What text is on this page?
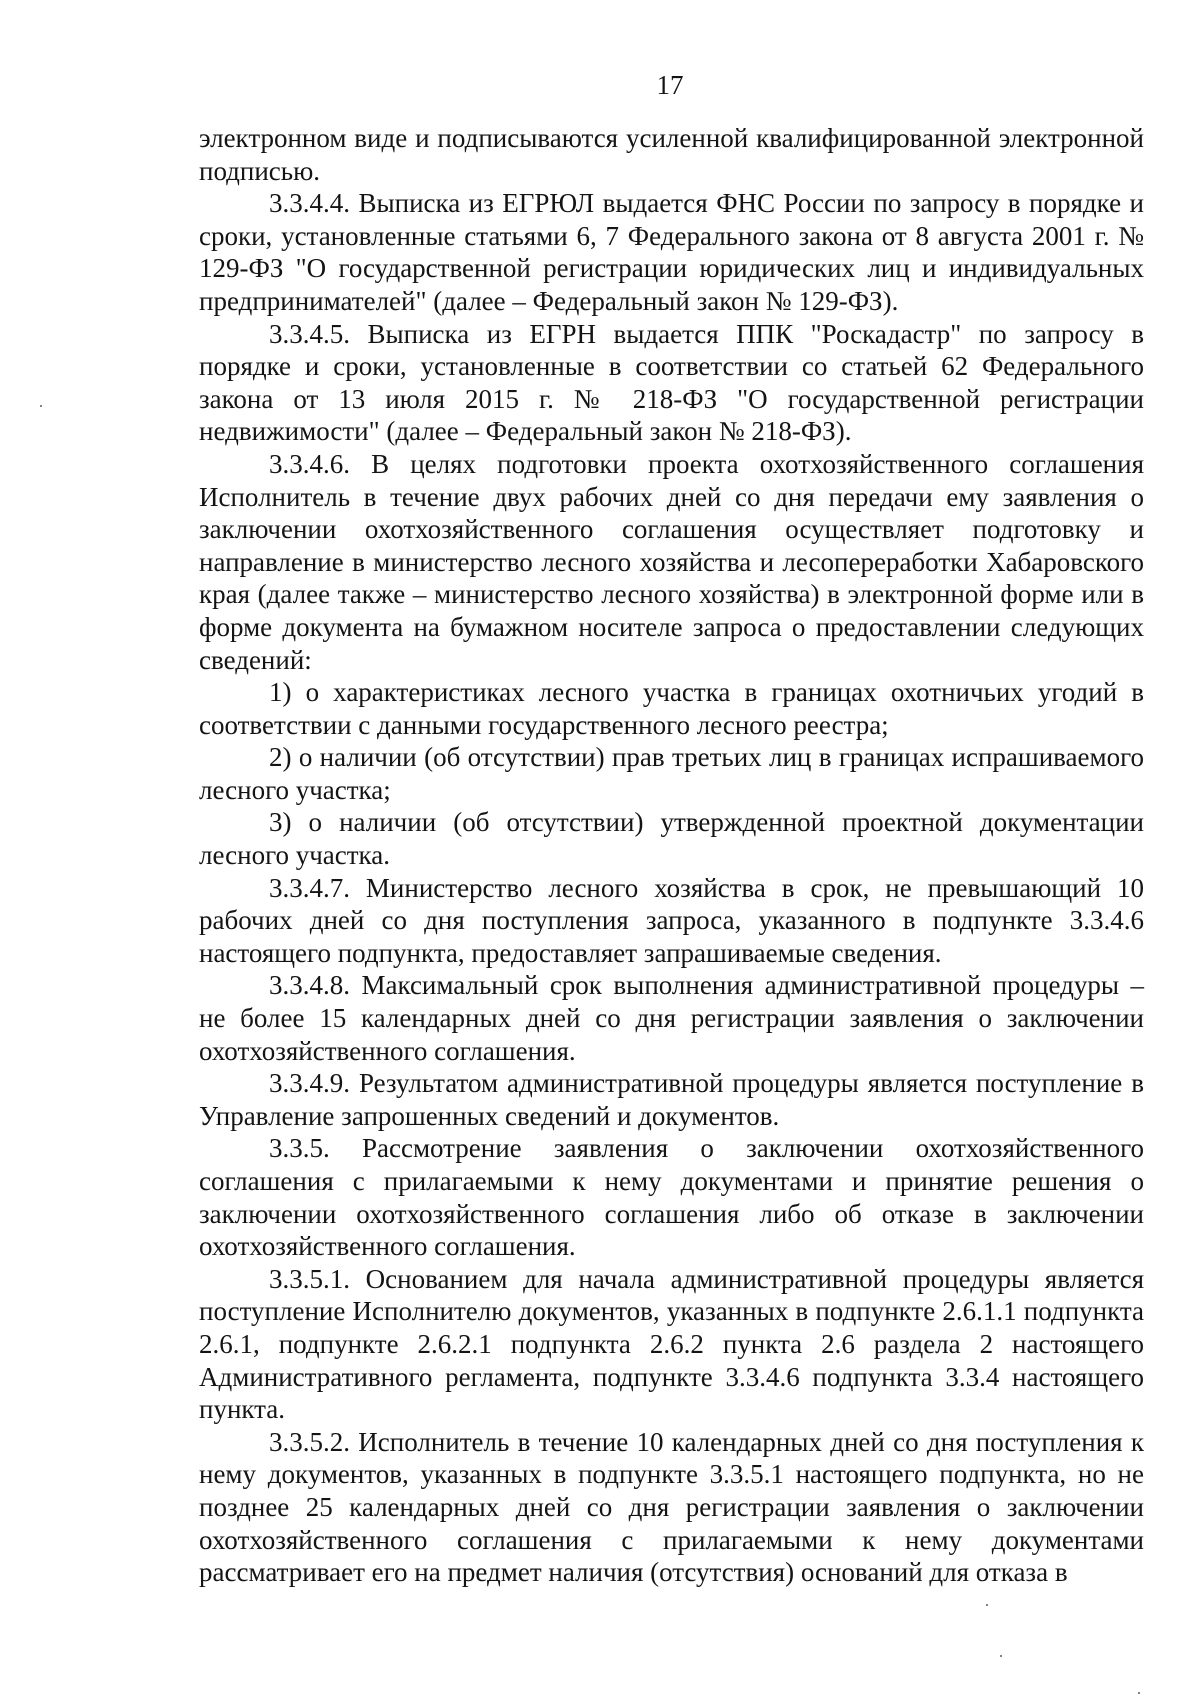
17

электронном виде и подписываются усиленной квалифицированной электронной подписью.

3.3.4.4. Выписка из ЕГРЮЛ выдается ФНС России по запросу в порядке и сроки, установленные статьями 6, 7 Федерального закона от 8 августа 2001 г. № 129-ФЗ "О государственной регистрации юридических лиц и индивидуальных предпринимателей" (далее – Федеральный закон № 129-ФЗ).

3.3.4.5. Выписка из ЕГРН выдается ППК "Роскадастр" по запросу в порядке и сроки, установленные в соответствии со статьей 62 Федерального закона от 13 июля 2015 г. № 218-ФЗ "О государственной регистрации недвижимости" (далее – Федеральный закон № 218-ФЗ).

3.3.4.6. В целях подготовки проекта охотхозяйственного соглашения Исполнитель в течение двух рабочих дней со дня передачи ему заявления о заключении охотхозяйственного соглашения осуществляет подготовку и направление в министерство лесного хозяйства и лесопереработки Хабаровского края (далее также – министерство лесного хозяйства) в электронной форме или в форме документа на бумажном носителе запроса о предоставлении следующих сведений:

1) о характеристиках лесного участка в границах охотничьих угодий в соответствии с данными государственного лесного реестра;

2) о наличии (об отсутствии) прав третьих лиц в границах испрашиваемого лесного участка;

3) о наличии (об отсутствии) утвержденной проектной документации лесного участка.

3.3.4.7. Министерство лесного хозяйства в срок, не превышающий 10 рабочих дней со дня поступления запроса, указанного в подпункте 3.3.4.6 настоящего подпункта, предоставляет запрашиваемые сведения.

3.3.4.8. Максимальный срок выполнения административной процедуры – не более 15 календарных дней со дня регистрации заявления о заключении охотхозяйственного соглашения.

3.3.4.9. Результатом административной процедуры является поступление в Управление запрошенных сведений и документов.

3.3.5. Рассмотрение заявления о заключении охотхозяйственного соглашения с прилагаемыми к нему документами и принятие решения о заключении охотхозяйственного соглашения либо об отказе в заключении охотхозяйственного соглашения.

3.3.5.1. Основанием для начала административной процедуры является поступление Исполнителю документов, указанных в подпункте 2.6.1.1 подпункта 2.6.1, подпункте 2.6.2.1 подпункта 2.6.2 пункта 2.6 раздела 2 настоящего Административного регламента, подпункте 3.3.4.6 подпункта 3.3.4 настоящего пункта.

3.3.5.2. Исполнитель в течение 10 календарных дней со дня поступления к нему документов, указанных в подпункте 3.3.5.1 настоящего подпункта, но не позднее 25 календарных дней со дня регистрации заявления о заключении охотхозяйственного соглашения с прилагаемыми к нему документами рассматривает его на предмет наличия (отсутствия) оснований для отказа в
